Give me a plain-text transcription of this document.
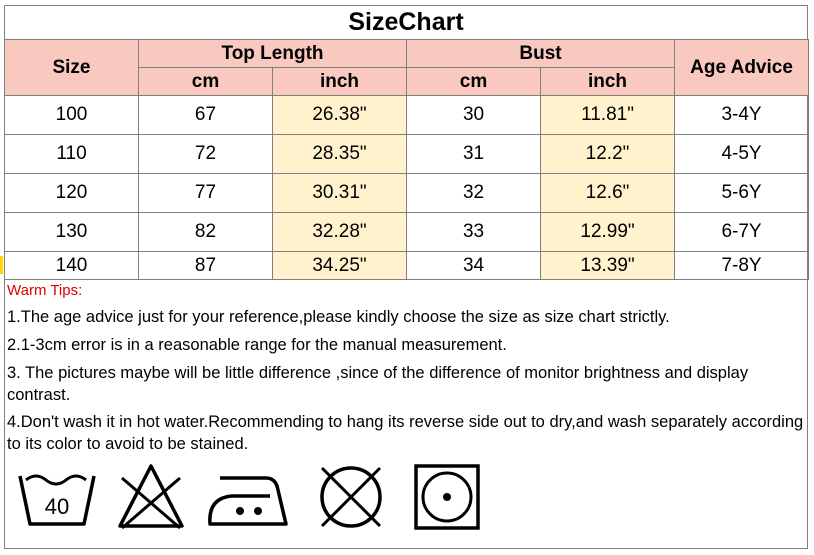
SizeChart
Size	Top Length		Bust		Age Advice
	cm	inch	cm	inch	
100	67	26.38"	30	11.81"	3-4Y
110	72	28.35"	31	12.2"	4-5Y
120	77	30.31"	32	12.6"	5-6Y
130	82	32.28"	33	12.99"	6-7Y
140	87	34.25"	34	13.39"	7-8Y
Warm Tips:

1.The age advice just for your reference,please kindly choose the size as size chart strictly.

2.1-3cm error is in a reasonable range for the manual measurement.

3. The pictures maybe will be little difference ,since of the difference of monitor brightness and display contrast.

4.Don't wash it in hot water.Recommending to hang its reverse side out to dry,and wash separately according to its color to avoid to be stained.

40
